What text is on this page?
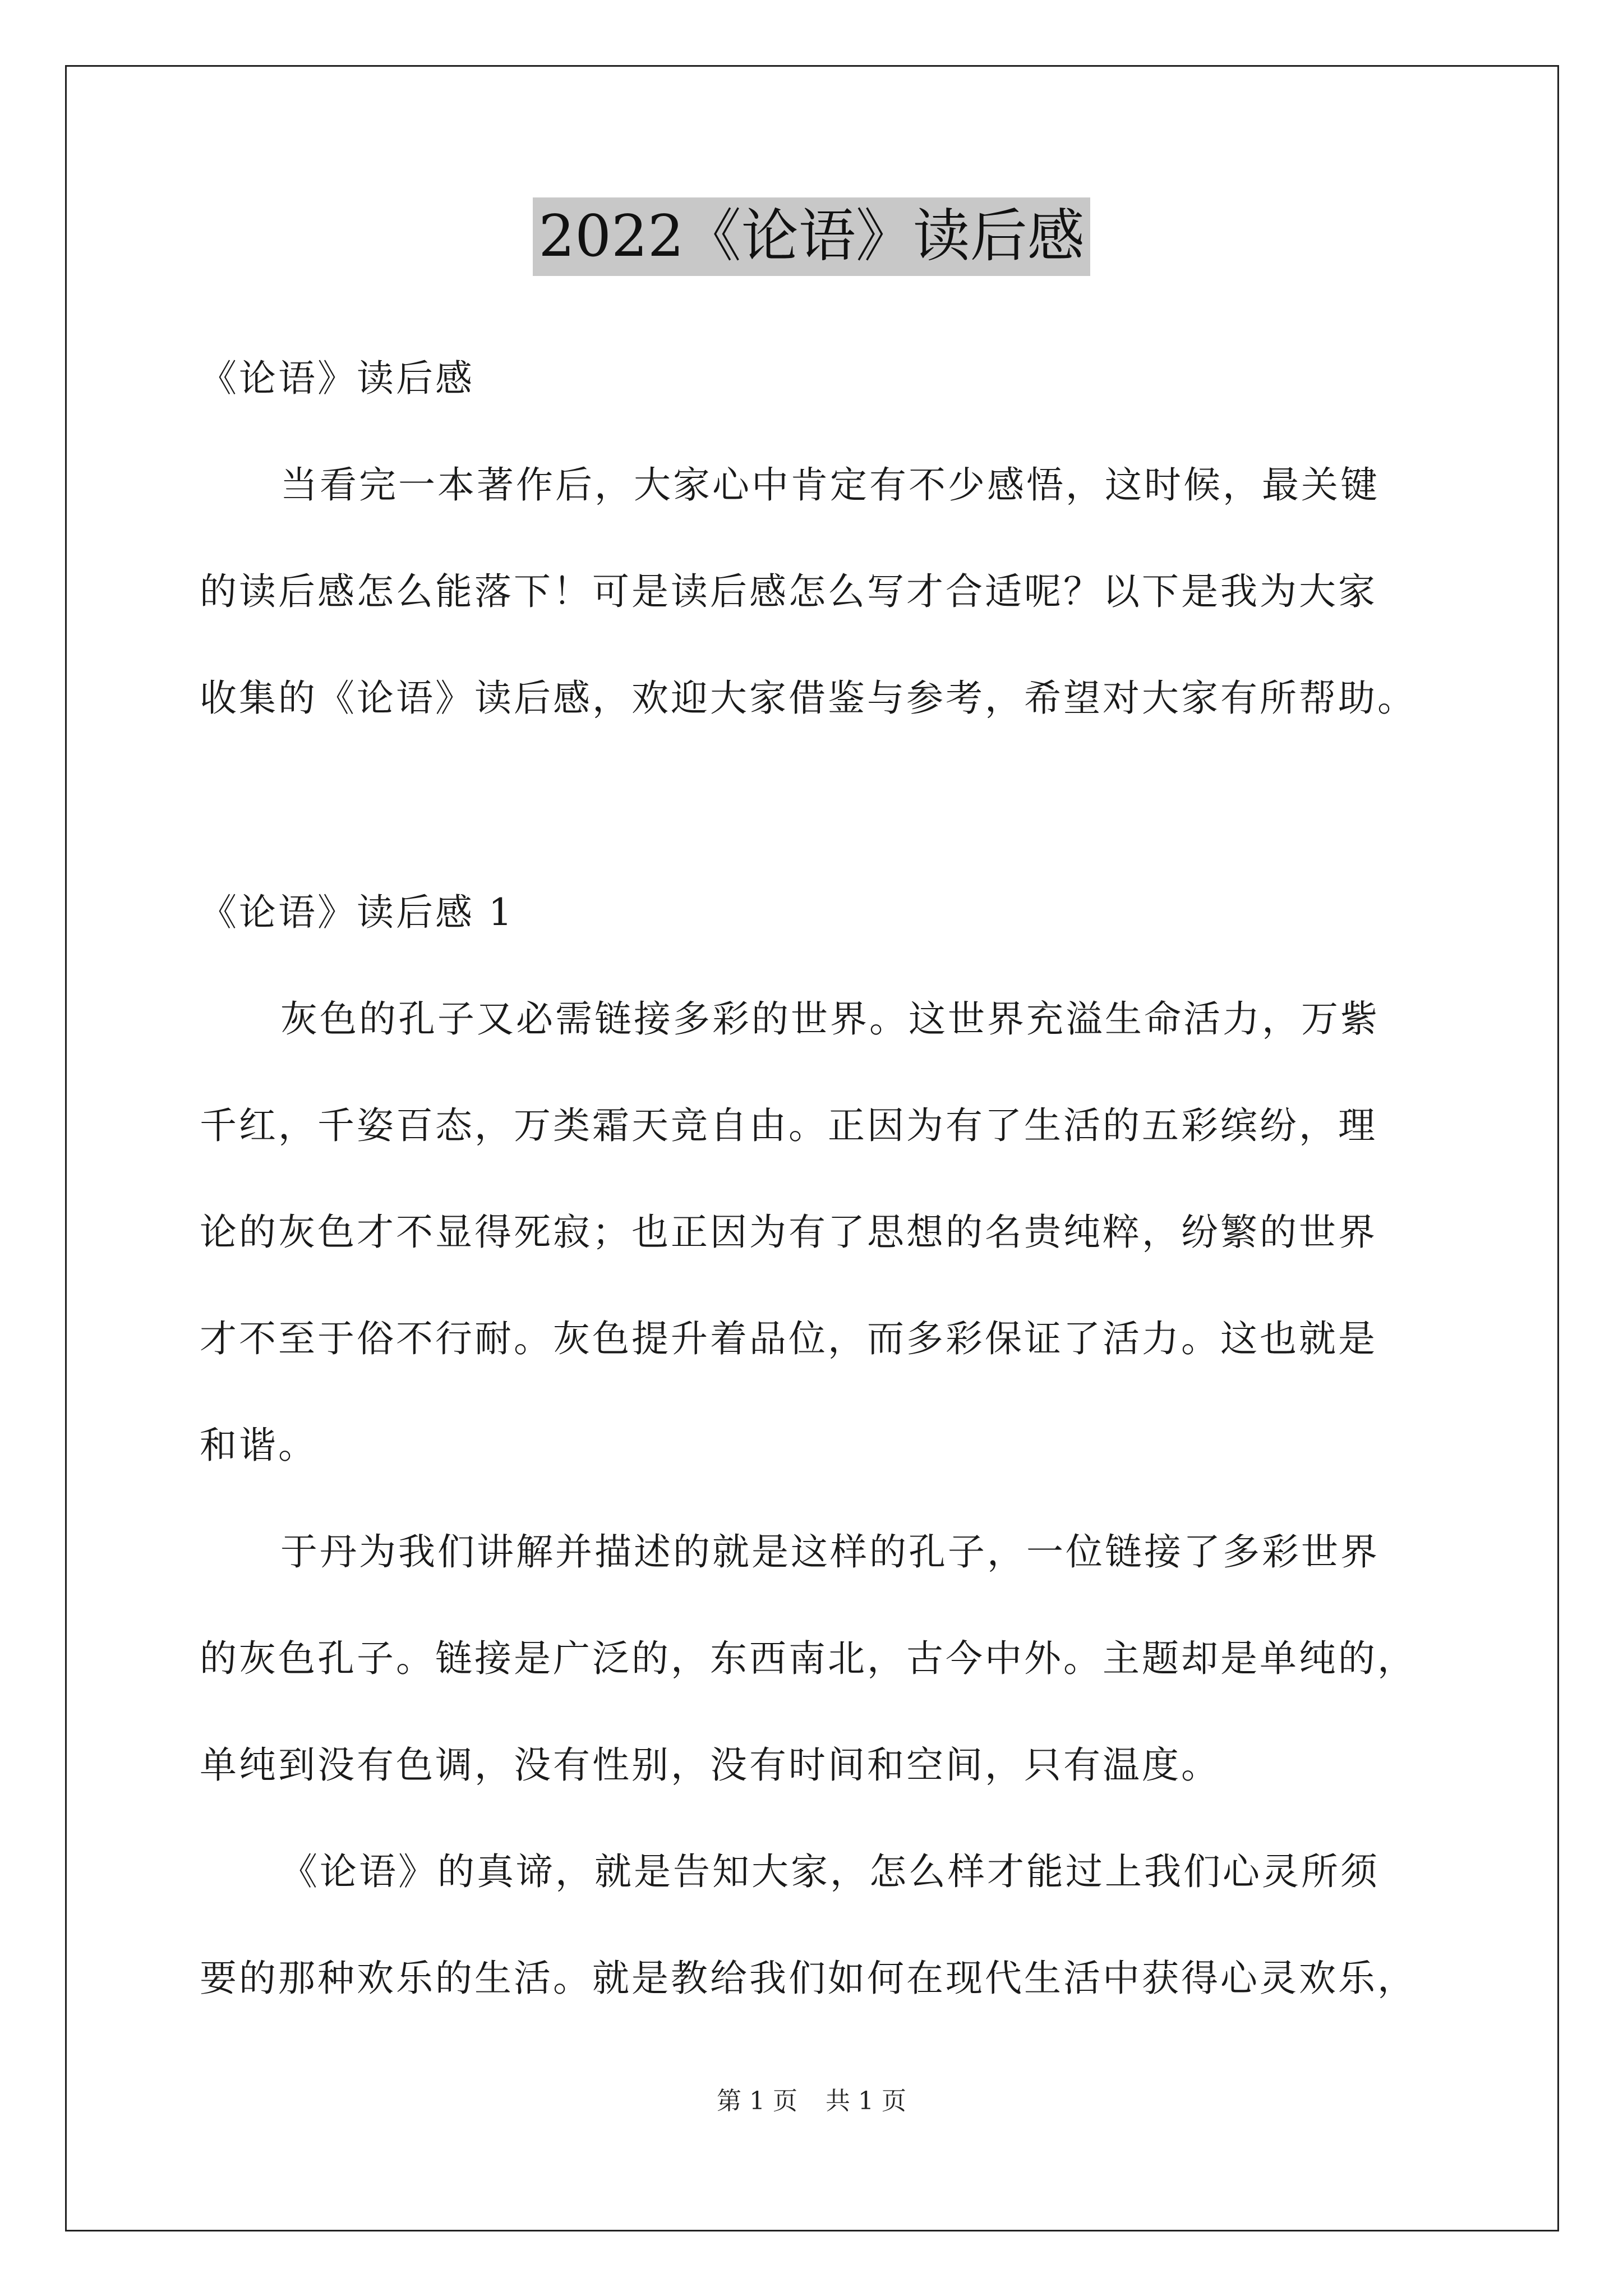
2022《论语》读后感
《论语》读后感
当看完一本著作后，大家心中肯定有不少感悟，这时候，最关键
的读后感怎么能落下！可是读后感怎么写才合适呢？以下是我为大家
收集的《论语》读后感，欢迎大家借鉴与参考，希望对大家有所帮助。
《论语》读后感 1
灰色的孔子又必需链接多彩的世界。这世界充溢生命活力，万紫
千红，千姿百态，万类霜天竞自由。正因为有了生活的五彩缤纷，理
论的灰色才不显得死寂；也正因为有了思想的名贵纯粹，纷繁的世界
才不至于俗不行耐。灰色提升着品位，而多彩保证了活力。这也就是
和谐。
于丹为我们讲解并描述的就是这样的孔子，一位链接了多彩世界
的灰色孔子。链接是广泛的，东西南北，古今中外。主题却是单纯的，
单纯到没有色调，没有性别，没有时间和空间，只有温度。
《论语》的真谛，就是告知大家，怎么样才能过上我们心灵所须
要的那种欢乐的生活。就是教给我们如何在现代生活中获得心灵欢乐，
第 1 页 共 1 页
